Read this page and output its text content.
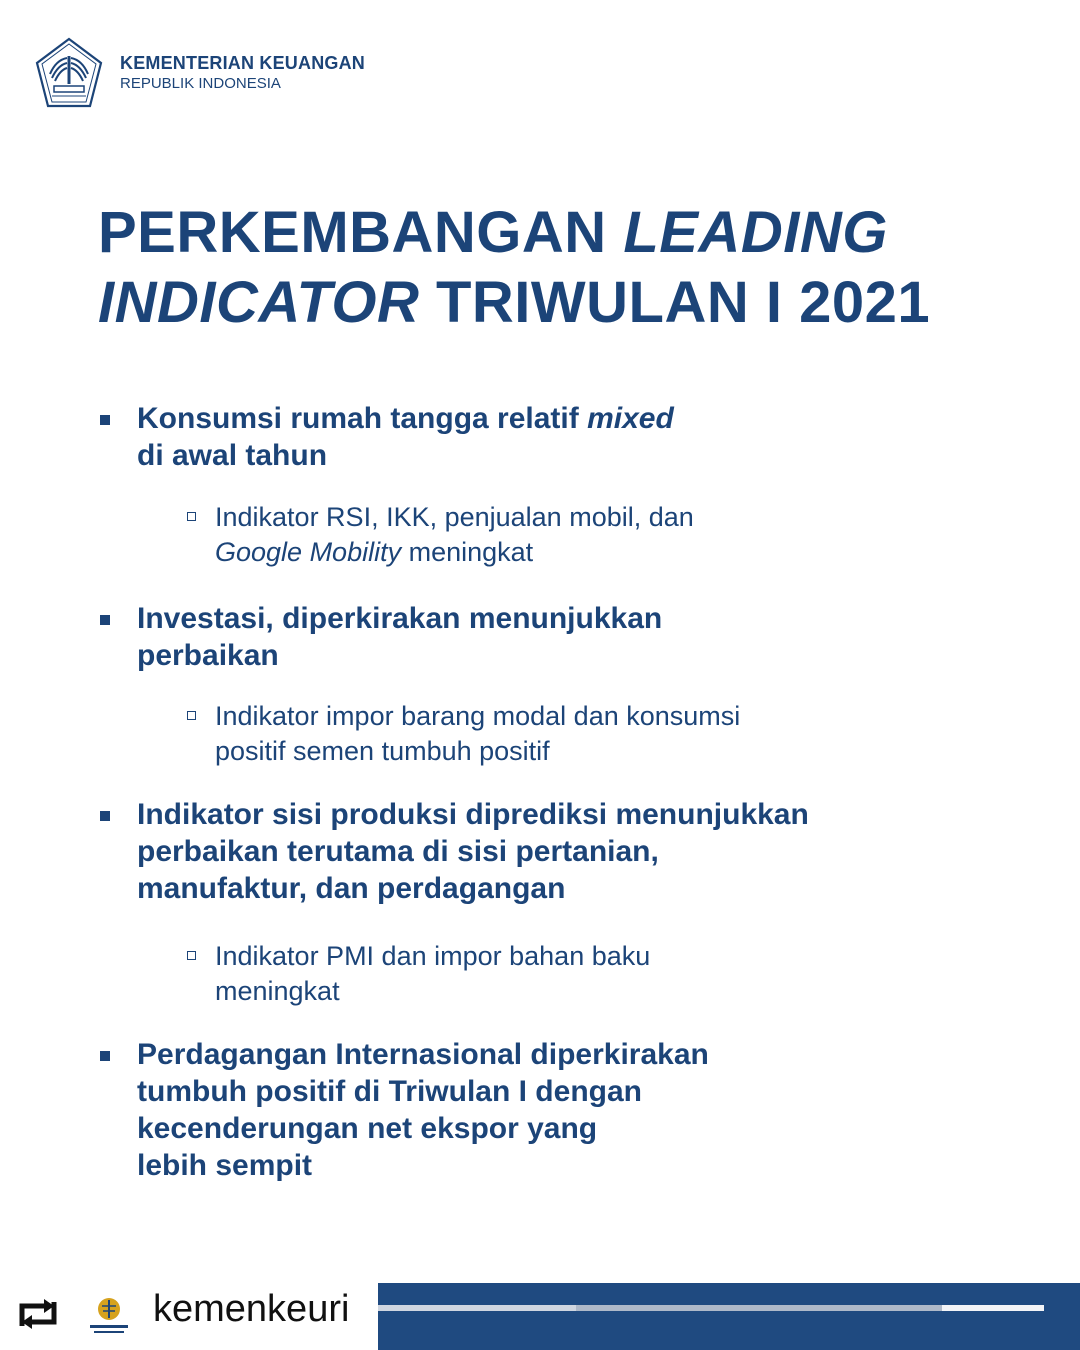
KEMENTERIAN KEUANGAN
REPUBLIK INDONESIA
PERKEMBANGAN LEADING
INDICATOR TRIWULAN I 2021
Konsumsi rumah tangga relatif mixed
di awal tahun
Indikator RSI, IKK, penjualan mobil, dan
Google Mobility meningkat
Investasi, diperkirakan menunjukkan
perbaikan
Indikator impor barang modal dan konsumsi
positif semen tumbuh positif
Indikator sisi produksi diprediksi menunjukkan
perbaikan terutama di sisi pertanian,
manufaktur, dan perdagangan
Indikator PMI dan impor bahan baku
meningkat
Perdagangan Internasional diperkirakan
tumbuh positif di Triwulan I dengan
kecenderungan net ekspor yang
lebih sempit
kemenkeuri
